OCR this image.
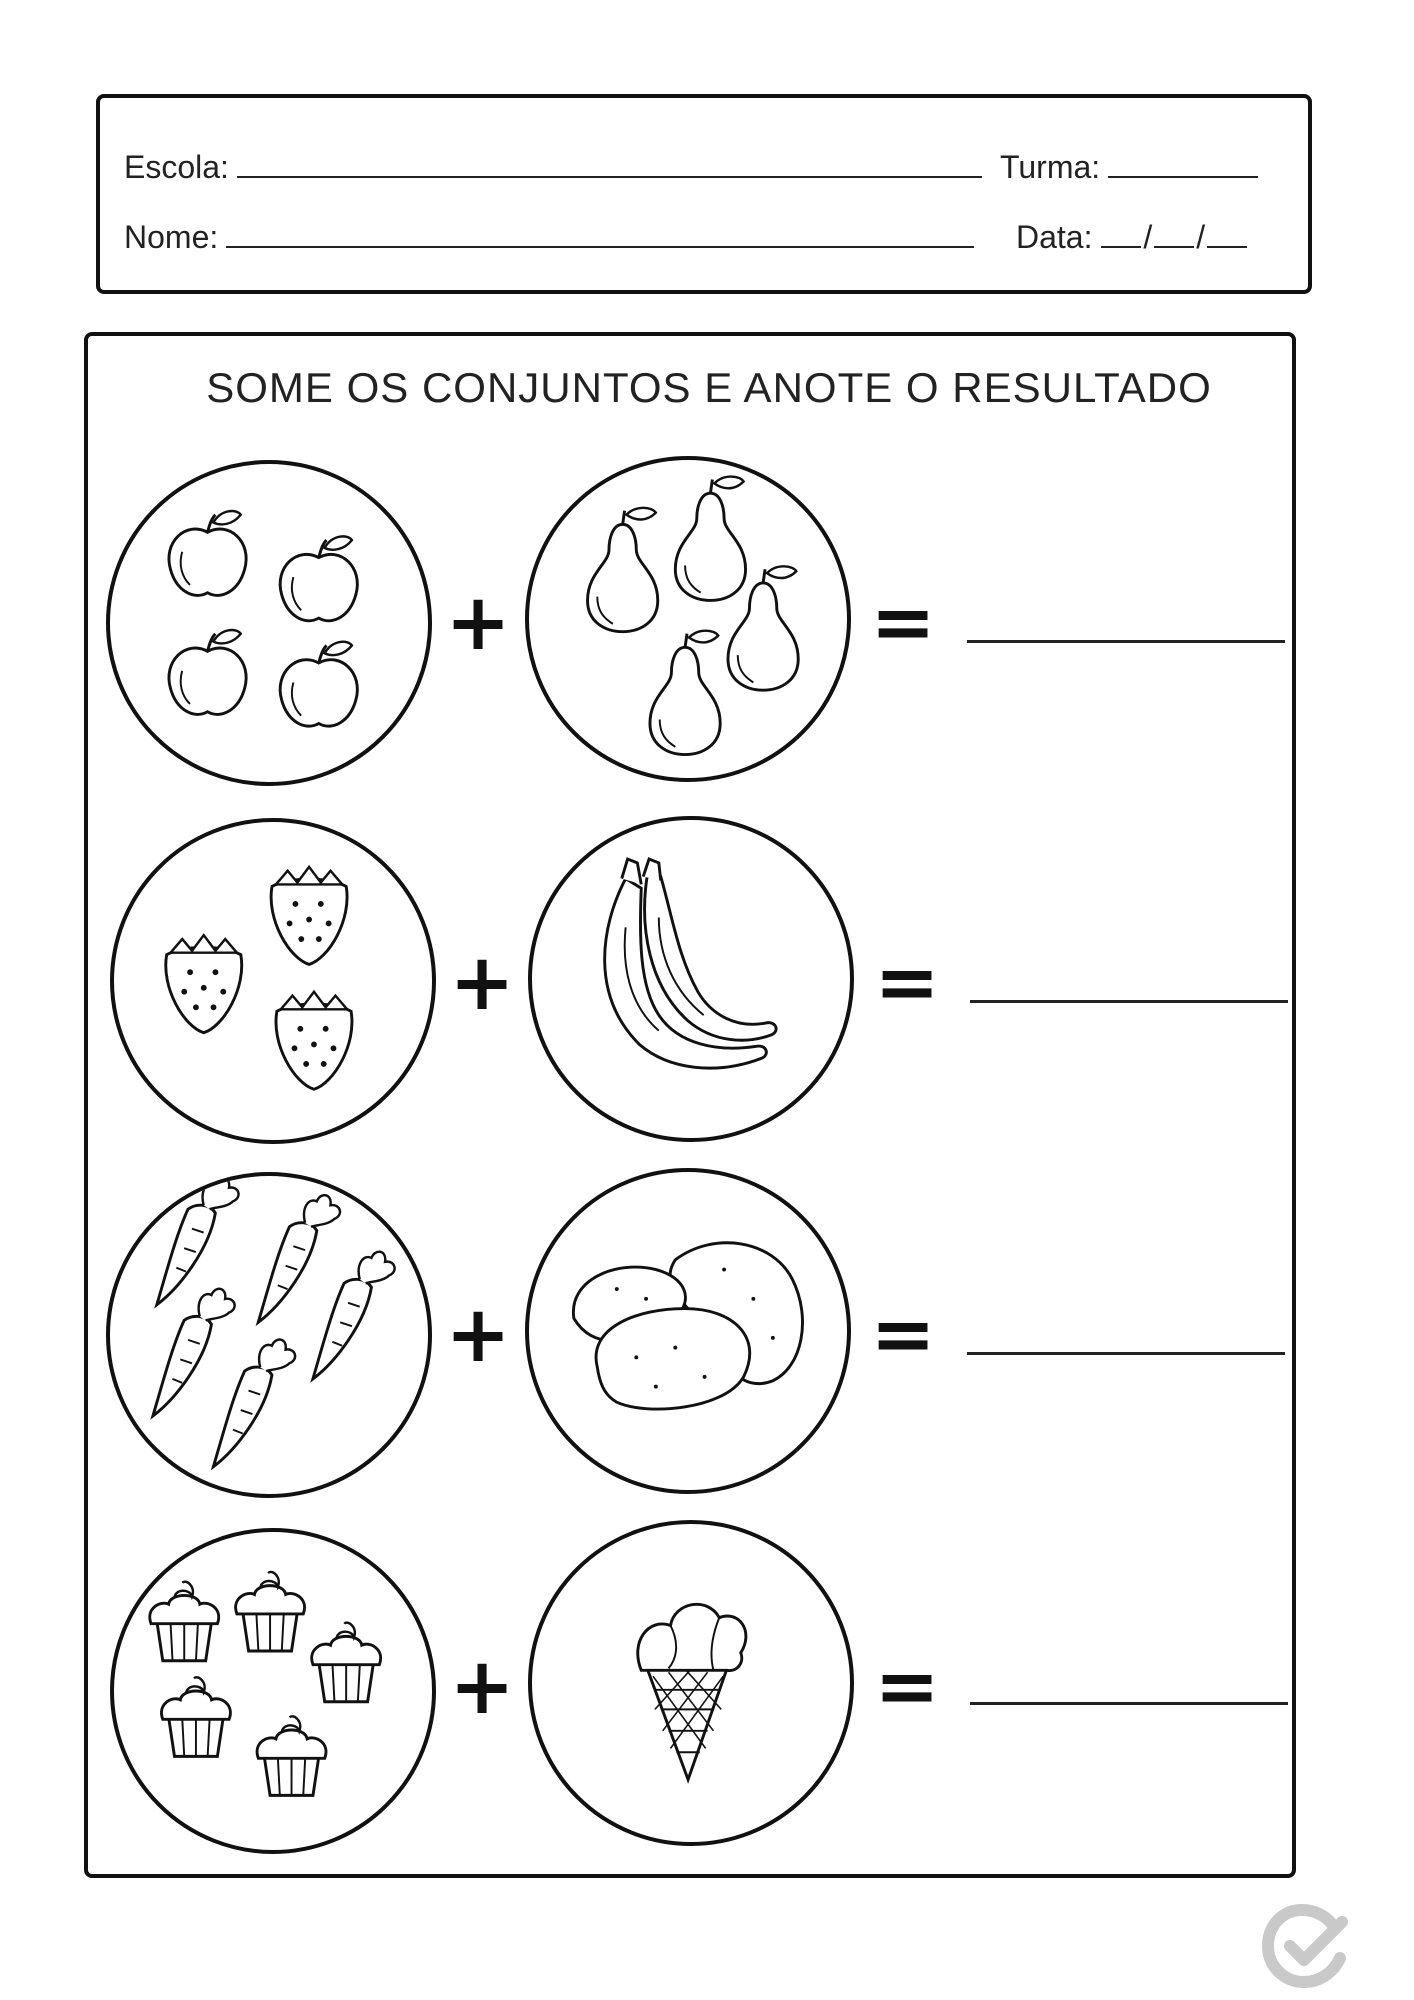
Escola:	Turma:
Nome:	Data: / /
SOME OS CONJUNTOS E ANOTE O RESULTADO
+	=
+	=
+	=
+	=
